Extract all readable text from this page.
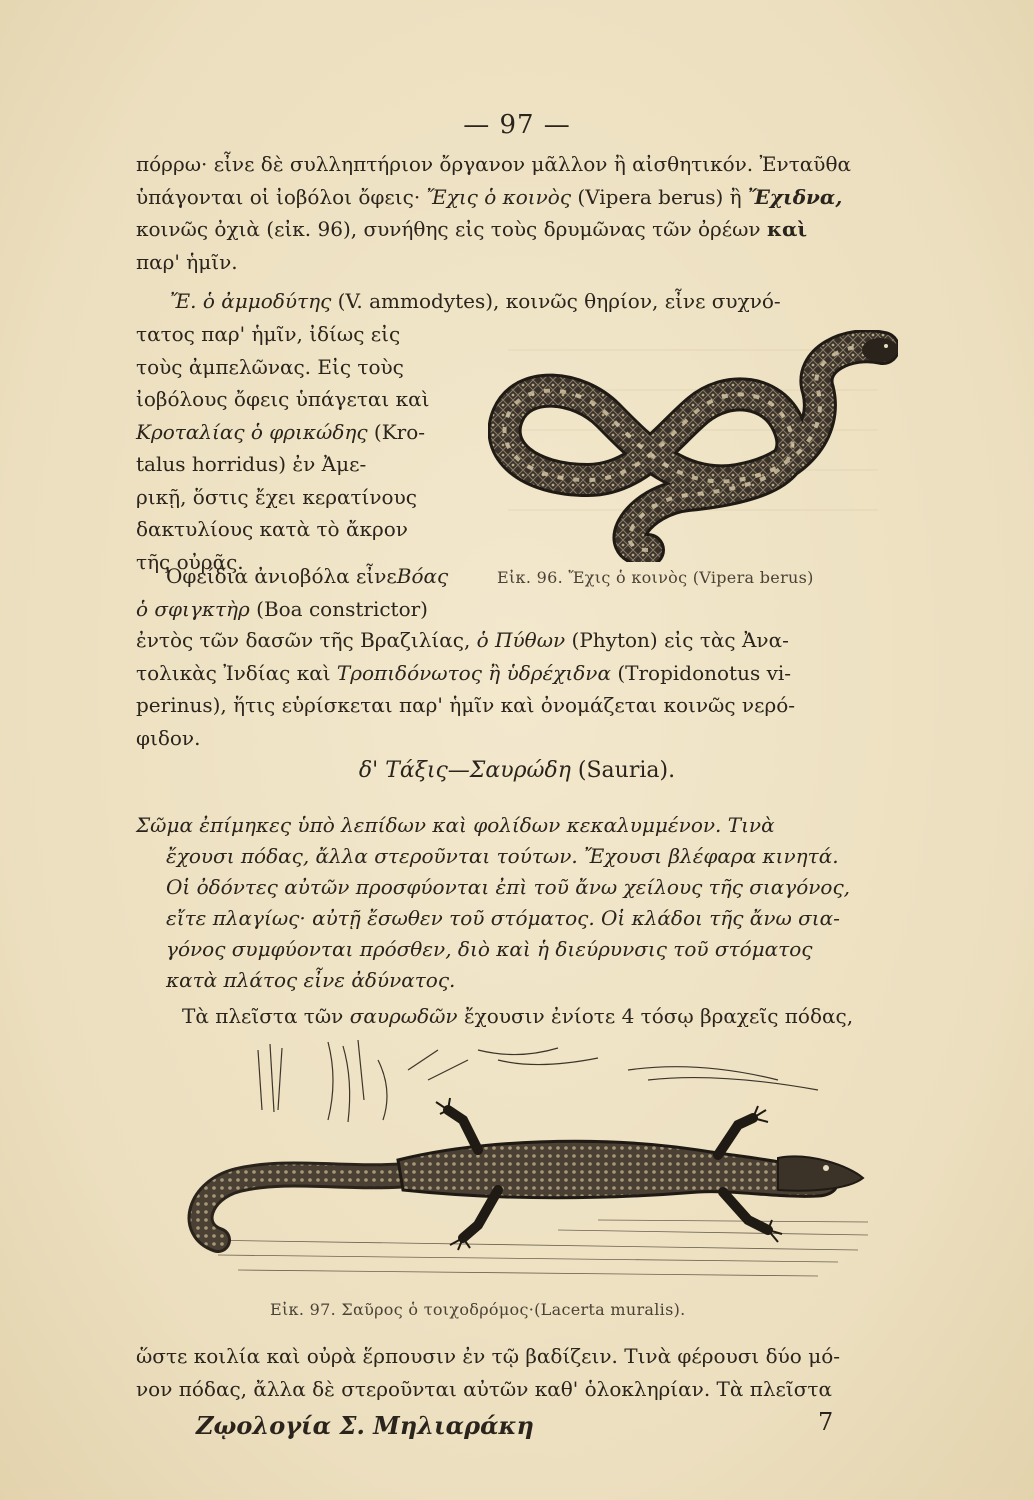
— 97 —
πόρρω· εἶνε δὲ συλληπτήριον ὄργανον μᾶλλον ἢ αἰσθητικόν. Ἐνταῦθα
ὑπάγονται οἱ ἰοβόλοι ὄφεις· Ἔχις ὁ κοινὸς (Vipera berus) ἢ Ἔχιδνα,
κοινῶς ὀχιὰ (εἰκ. 96), συνήθης εἰς τοὺς δρυμῶνας τῶν ὀρέων καὶ
παρ' ἡμῖν.
Ἔ. ὁ ἀμμοδύτης (V. ammodytes), κοινῶς θηρίον, εἶνε συχνό-
τατος παρ' ἡμῖν, ἰδίως εἰς
τοὺς ἀμπελῶνας. Εἰς τοὺς
ἰοβόλους ὄφεις ὑπάγεται καὶ
Κροταλίας ὁ φρικώδης (Kro-
talus horridus) ἐν Ἀμε-
ρικῇ, ὅστις ἔχει κερατίνους
δακτυλίους κατὰ τὸ ἄκρον
τῆς οὐρᾶς.
Ὀφείδια ἀνιοβόλα εἶνεΒόας
ὁ σφιγκτὴρ (Boa constrictor)
Εἰκ. 96. Ἔχις ὁ κοινὸς (Vipera berus)
ἐντὸς τῶν δασῶν τῆς Βραζιλίας, ὁ Πύθων (Phyton) εἰς τὰς Ἀνα-
τολικὰς Ἰνδίας καὶ Τροπιδόνωτος ἢ ὑδρέχιδνα (Tropidonotus vi-
perinus), ἥτις εὑρίσκεται παρ' ἡμῖν καὶ ὀνομάζεται κοινῶς νερό-
φιδον.
δ' Τάξις—Σαυρώδη (Sauria).
Σῶμα ἐπίμηκες ὑπὸ λεπίδων καὶ φολίδων κεκαλυμμένον. Τινὰ
ἔχουσι πόδας, ἄλλα στεροῦνται τούτων. Ἔχουσι βλέφαρα κινητά.
Οἱ ὀδόντες αὐτῶν προσφύονται ἐπὶ τοῦ ἄνω χείλους τῆς σιαγόνος,
εἴτε πλαγίως· αὐτῇ ἔσωθεν τοῦ στόματος. Οἱ κλάδοι τῆς ἄνω σια-
γόνος συμφύονται πρόσθεν, διὸ καὶ ἡ διεύρυνσις τοῦ στόματος
κατὰ πλάτος εἶνε ἀδύνατος.
Τὰ πλεῖστα τῶν σαυρωδῶν ἔχουσιν ἐνίοτε 4 τόσῳ βραχεῖς πόδας,
Εἰκ. 97. Σαῦρος ὁ τοιχοδρόμος·(Lacerta muralis).
ὥστε κοιλία καὶ οὐρὰ ἕρπουσιν ἐν τῷ βαδίζειν. Τινὰ φέρουσι δύο μό-
νον πόδας, ἄλλα δὲ στεροῦνται αὐτῶν καθ' ὁλοκληρίαν. Τὰ πλεῖστα
Ζῳολογία Σ. Μηλιαράκη	7
